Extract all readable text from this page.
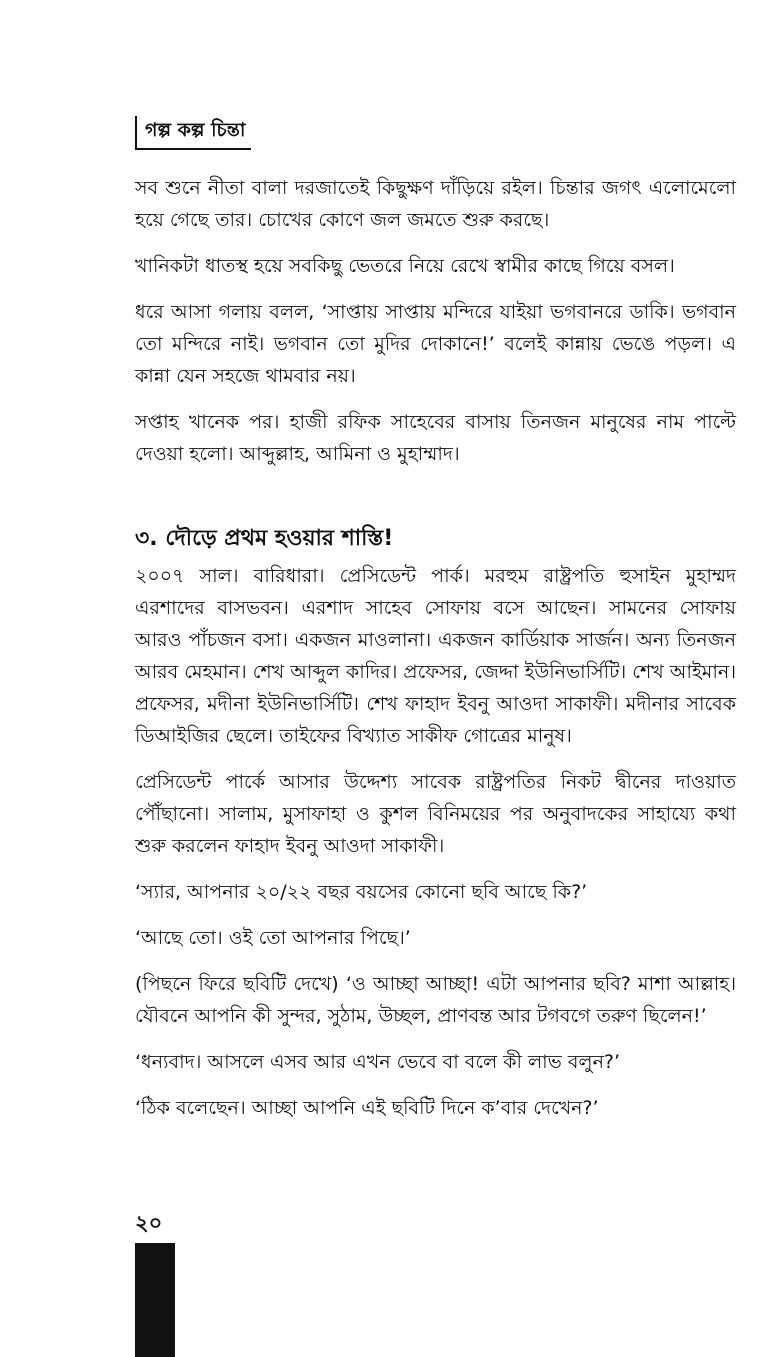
গল্প কল্প চিন্তা

সব শুনে নীতা বালা দরজাতেই কিছুক্ষণ দাঁড়িয়ে রইল। চিন্তার জগৎ এলোমেলো হয়ে গেছে তার। চোখের কোণে জল জমতে শুরু করছে।

খানিকটা ধাতস্থ হয়ে সবকিছু ভেতরে নিয়ে রেখে স্বামীর কাছে গিয়ে বসল।

ধরে আসা গলায় বলল, ‘সাপ্তায় সাপ্তায় মন্দিরে যাইয়া ভগবানরে ডাকি। ভগবান তো মন্দিরে নাই। ভগবান তো মুদির দোকানে!’ বলেই কান্নায় ভেঙে পড়ল। এ কান্না যেন সহজে থামবার নয়।

সপ্তাহ খানেক পর। হাজী রফিক সাহেবের বাসায় তিনজন মানুষের নাম পাল্টে দেওয়া হলো। আব্দুল্লাহ, আমিনা ও মুহাম্মাদ।

৩. দৌড়ে প্রথম হওয়ার শাস্তি!

২০০৭ সাল। বারিধারা। প্রেসিডেন্ট পার্ক। মরহুম রাষ্ট্রপতি হুসাইন মুহাম্মদ এরশাদের বাসভবন। এরশাদ সাহেব সোফায় বসে আছেন। সামনের সোফায় আরও পাঁচজন বসা। একজন মাওলানা। একজন কার্ডিয়াক সার্জন। অন্য তিনজন আরব মেহমান। শেখ আব্দুল কাদির। প্রফেসর, জেদ্দা ইউনিভার্সিটি। শেখ আইমান। প্রফেসর, মদীনা ইউনিভার্সিটি। শেখ ফাহাদ ইবনু আওদা সাকাফী। মদীনার সাবেক ডিআইজির ছেলে। তাইফের বিখ্যাত সাকীফ গোত্রের মানুষ।

প্রেসিডেন্ট পার্কে আসার উদ্দেশ্য সাবেক রাষ্ট্রপতির নিকট দ্বীনের দাওয়াত পৌঁছানো। সালাম, মুসাফাহা ও কুশল বিনিময়ের পর অনুবাদকের সাহায্যে কথা শুরু করলেন ফাহাদ ইবনু আওদা সাকাফী।

‘স্যার, আপনার ২০/২২ বছর বয়সের কোনো ছবি আছে কি?’

‘আছে তো। ওই তো আপনার পিছে।’

(পিছনে ফিরে ছবিটি দেখে) ‘ও আচ্ছা আচ্ছা! এটা আপনার ছবি? মাশা আল্লাহ। যৌবনে আপনি কী সুন্দর, সুঠাম, উচ্ছল, প্রাণবন্ত আর টগবগে তরুণ ছিলেন!’

‘ধন্যবাদ। আসলে এসব আর এখন ভেবে বা বলে কী লাভ বলুন?’

‘ঠিক বলেছেন। আচ্ছা আপনি এই ছবিটি দিনে ক’বার দেখেন?’

২০
